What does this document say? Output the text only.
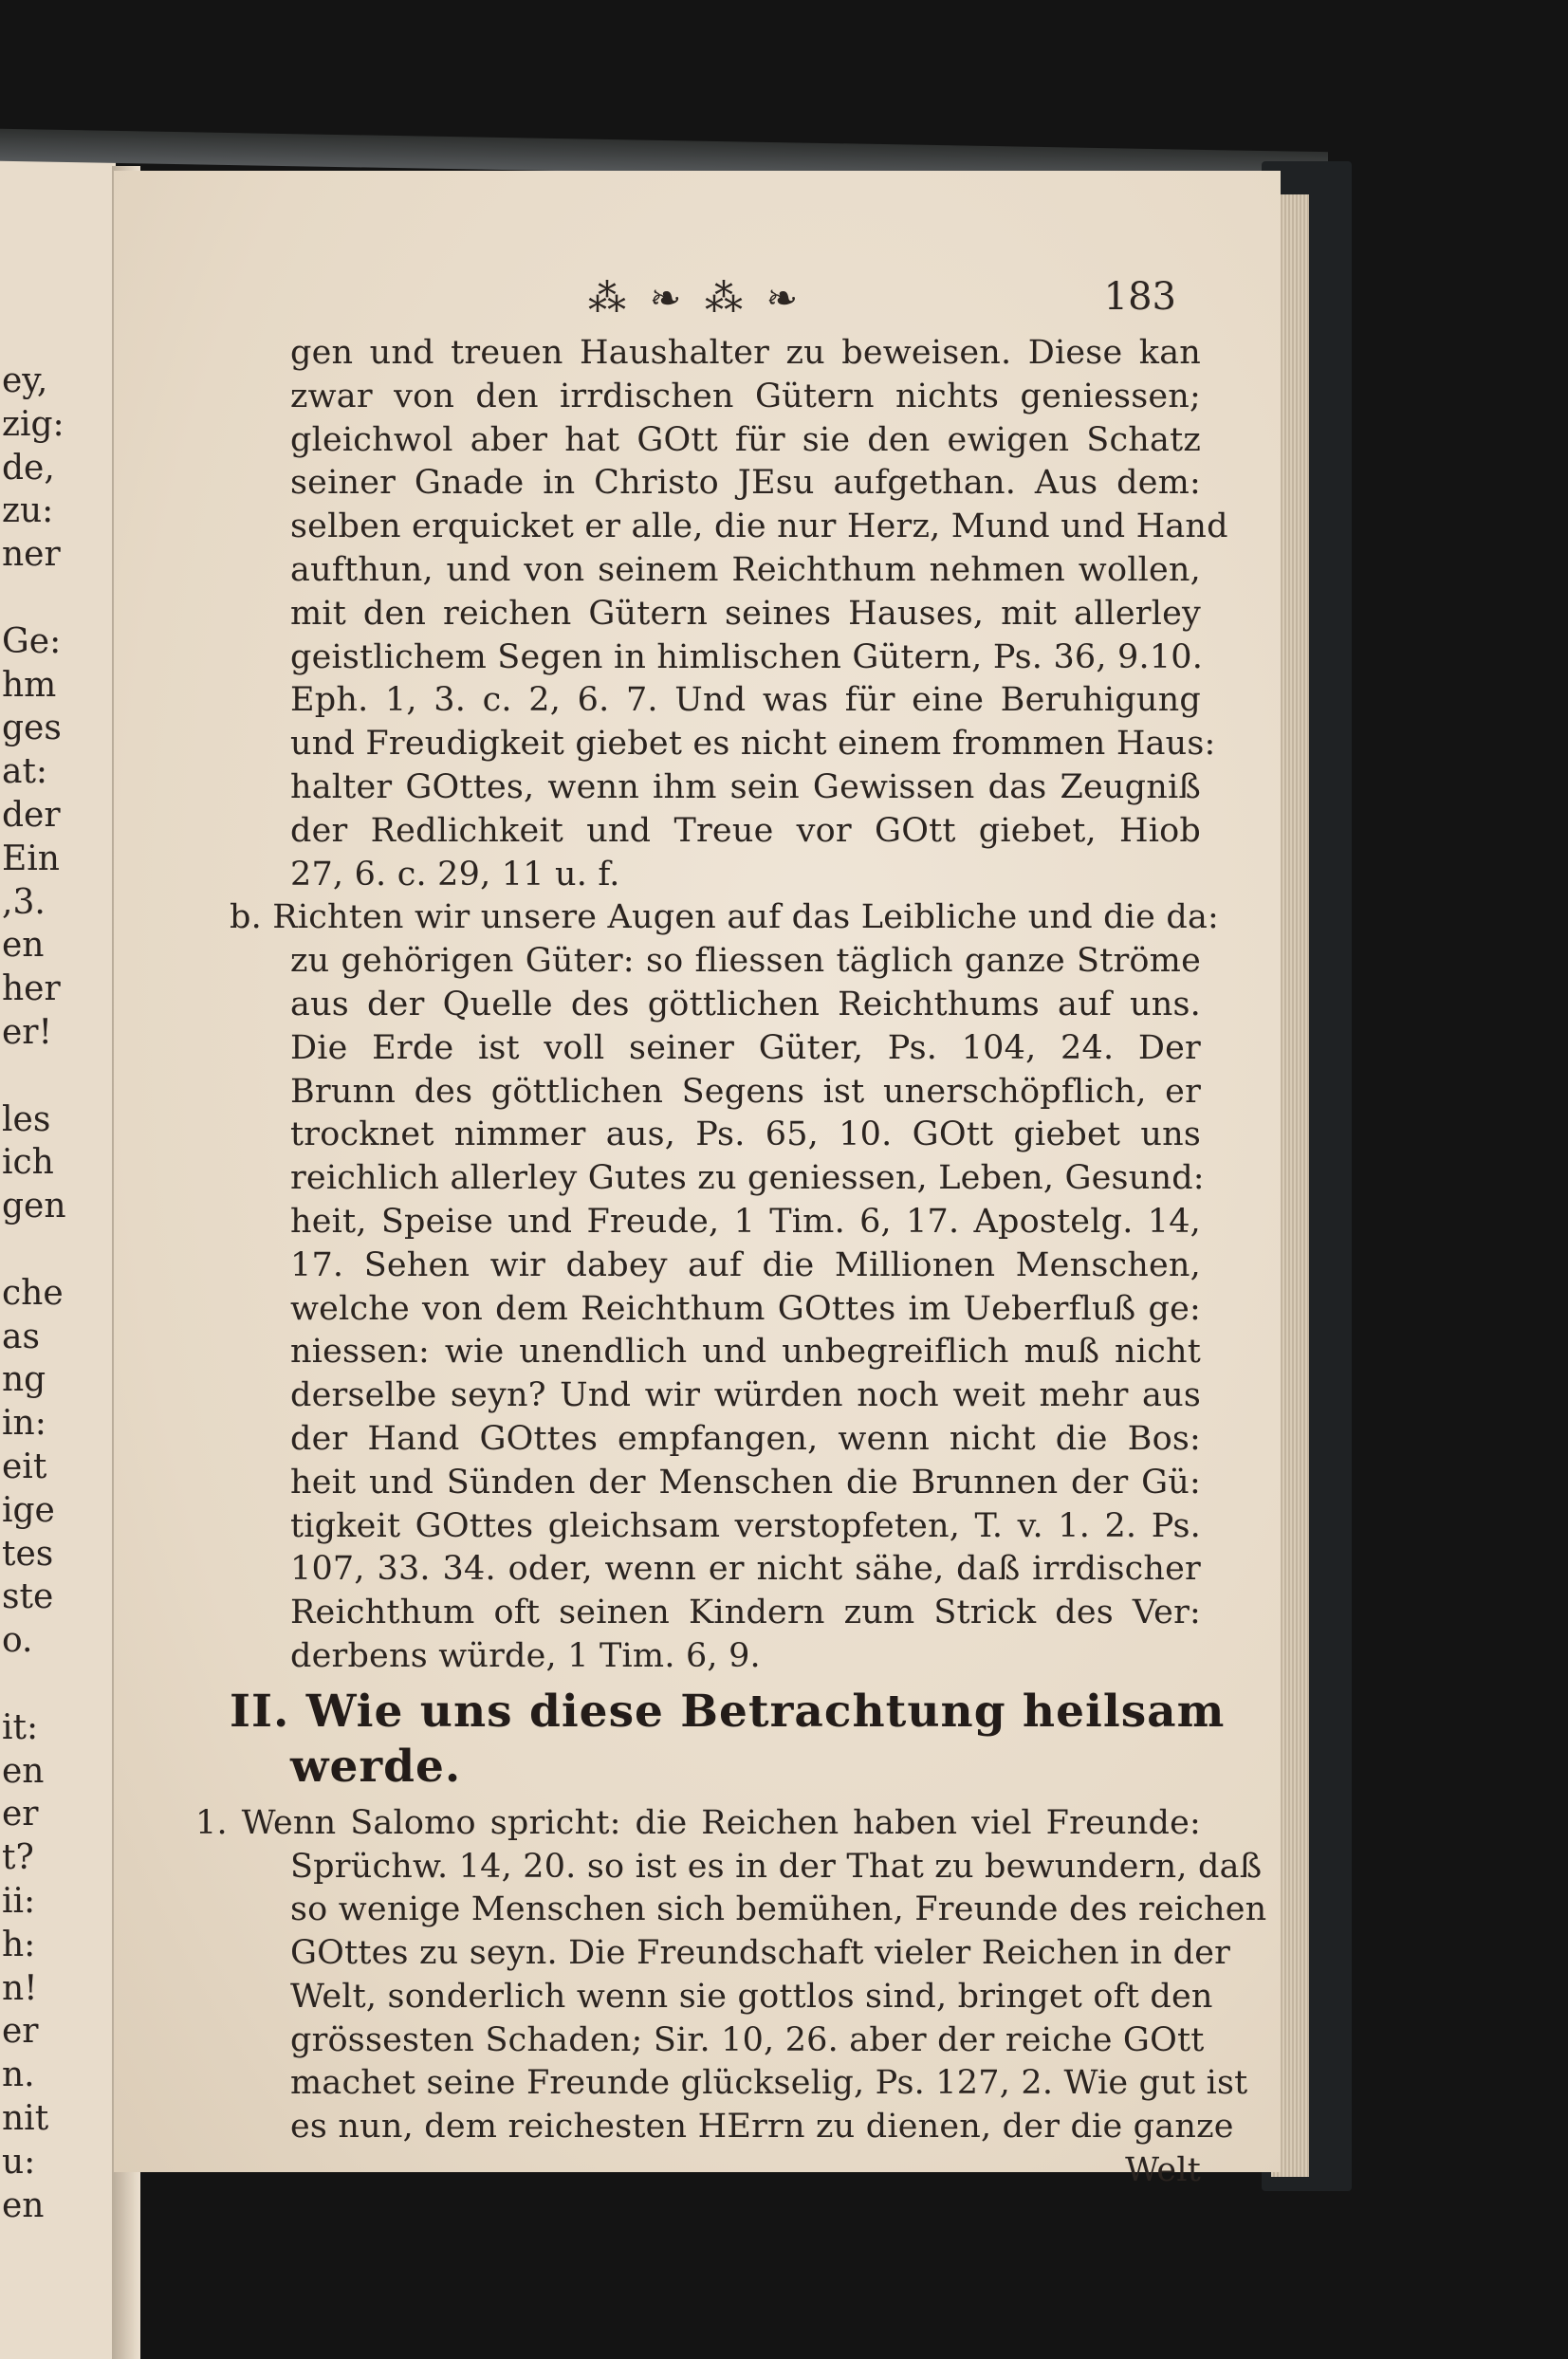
ey,
zig:
de,
zu:
ner
Ge:
hm
ges
at:
der
Ein
,3.
en
her
er!
les
ich
gen
che
as
ng
in:
eit
ige
tes
ste
o.
it:
en
er
t?
ii:
h:
n!
er
n.
nit
u:
en
⁂ ❧ ⁂ ❧	183
gen und treuen Haushalter zu beweisen. Diese kan
zwar von den irrdischen Gütern nichts geniessen;
gleichwol aber hat GOtt für sie den ewigen Schatz
seiner Gnade in Christo JEsu aufgethan. Aus dem:
selben erquicket er alle, die nur Herz, Mund und Hand
aufthun, und von seinem Reichthum nehmen wollen,
mit den reichen Gütern seines Hauses, mit allerley
geistlichem Segen in himlischen Gütern, Ps. 36, 9.10.
Eph. 1, 3. c. 2, 6. 7. Und was für eine Beruhigung
und Freudigkeit giebet es nicht einem frommen Haus:
halter GOttes, wenn ihm sein Gewissen das Zeugniß
der Redlichkeit und Treue vor GOtt giebet, Hiob
27, 6. c. 29, 11 u. f.
b. Richten wir unsere Augen auf das Leibliche und die da:
zu gehörigen Güter: so fliessen täglich ganze Ströme
aus der Quelle des göttlichen Reichthums auf uns.
Die Erde ist voll seiner Güter, Ps. 104, 24. Der
Brunn des göttlichen Segens ist unerschöpflich, er
trocknet nimmer aus, Ps. 65, 10. GOtt giebet uns
reichlich allerley Gutes zu geniessen, Leben, Gesund:
heit, Speise und Freude, 1 Tim. 6, 17. Apostelg. 14,
17. Sehen wir dabey auf die Millionen Menschen,
welche von dem Reichthum GOttes im Ueberfluß ge:
niessen: wie unendlich und unbegreiflich muß nicht
derselbe seyn? Und wir würden noch weit mehr aus
der Hand GOttes empfangen, wenn nicht die Bos:
heit und Sünden der Menschen die Brunnen der Gü:
tigkeit GOttes gleichsam verstopfeten, T. v. 1. 2. Ps.
107, 33. 34. oder, wenn er nicht sähe, daß irrdischer
Reichthum oft seinen Kindern zum Strick des Ver:
derbens würde, 1 Tim. 6, 9.
II. Wie uns diese Betrachtung heilsam
werde.
1. Wenn Salomo spricht: die Reichen haben viel Freunde:
Sprüchw. 14, 20. so ist es in der That zu bewundern, daß
so wenige Menschen sich bemühen, Freunde des reichen
GOttes zu seyn. Die Freundschaft vieler Reichen in der
Welt, sonderlich wenn sie gottlos sind, bringet oft den
grössesten Schaden; Sir. 10, 26. aber der reiche GOtt
machet seine Freunde glückselig, Ps. 127, 2. Wie gut ist
es nun, dem reichesten HErrn zu dienen, der die ganze
Welt
